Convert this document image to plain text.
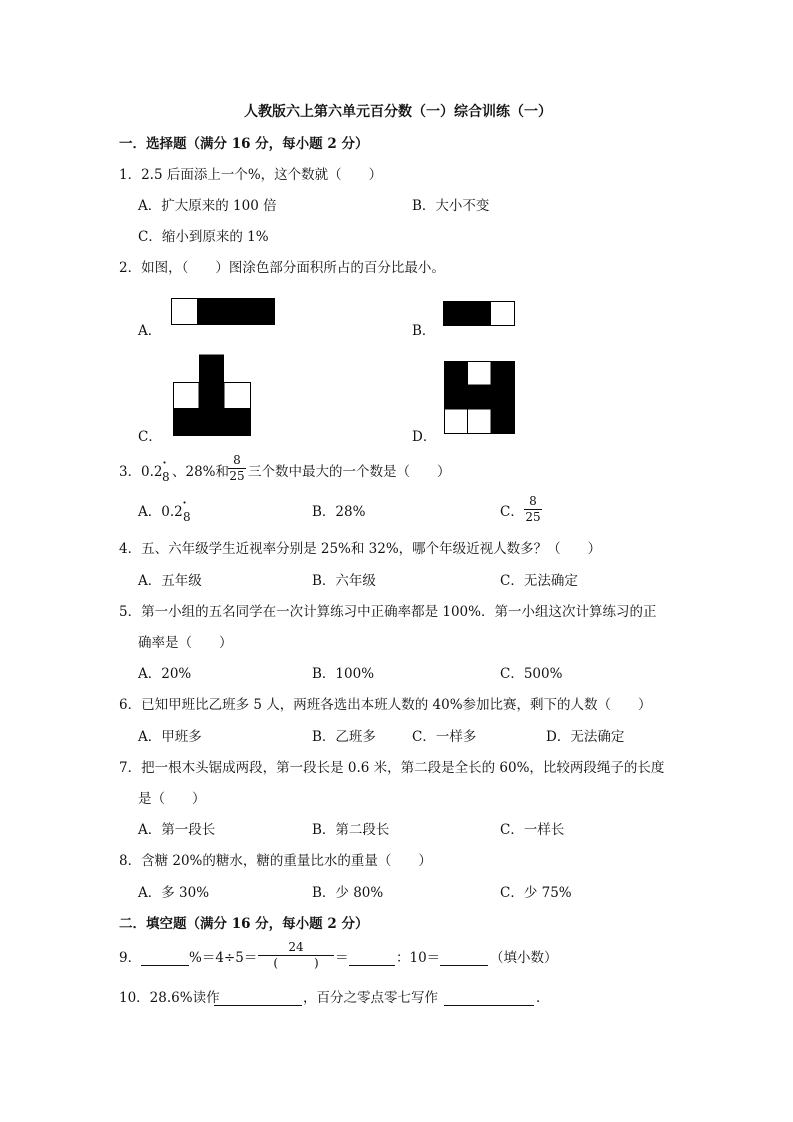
人教版六上第六单元百分数（一）综合训练（一）
一．选择题（满分 16 分，每小题 2 分）
1．2.5 后面添上一个%，这个数就（　　）
A．扩大原来的 100 倍	B．大小不变
C．缩小到原来的 1%
2．如图，（　　）图涂色部分面积所占的百分比最小。
A．	B．
C．	D．
3． 0.2 ·
8 、28%和
8
25 三个数中最大的一个数是（　　）
A．0.2 ·
8	B．28%	C．
8
25
4．五、六年级学生近视率分别是 25%和 32%，哪个年级近视人数多？（　　）
A．五年级	B．六年级	C．无法确定
5．第一小组的五名同学在一次计算练习中正确率都是 100%．第一小组这次计算练习的正
确率是（　　）
A．20%	B．100%	C．500%
6．已知甲班比乙班多 5 人，两班各选出本班人数的 40%参加比赛，剩下的人数（　　）
A．甲班多	B．乙班多	C．一样多	D．无法确定
7．把一根木头锯成两段，第一段长是 0.6 米，第二段是全长的 60%，比较两段绳子的长度
是（　　）
A．第一段长	B．第二段长	C．一样长
8．含糖 20%的糖水，糖的重量比水的重量（　　）
A．多 30%	B．少 80%	C．少 75%
二．填空题（满分 16 分，每小题 2 分）
9．	%＝4÷5＝
24
(　　　)	＝	：10＝	（填小数）
10．28.6%读作	，百分之零点零七写作	．
